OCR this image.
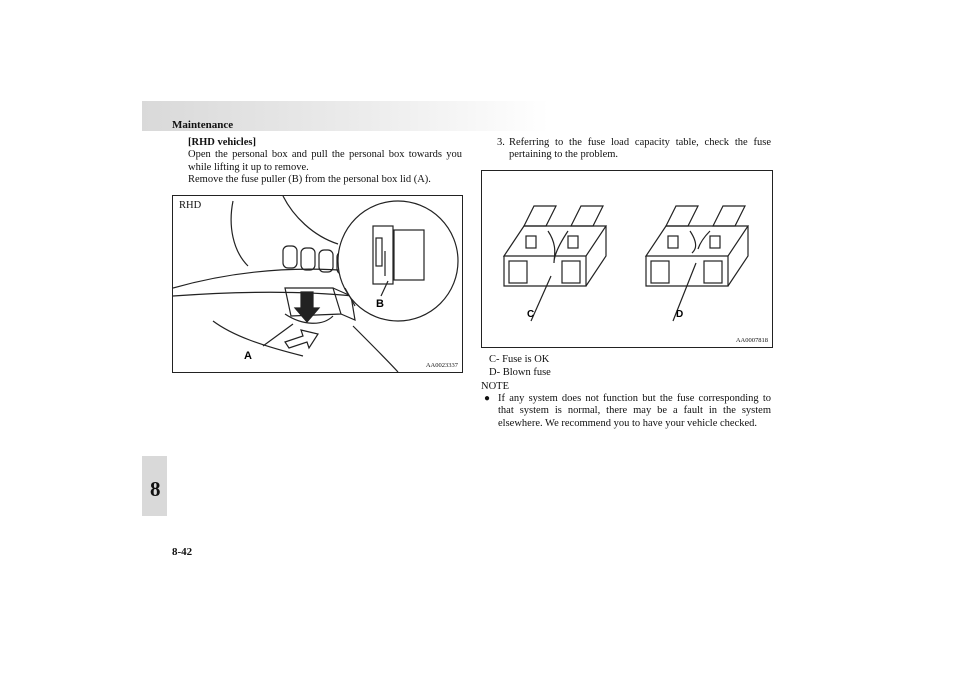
Maintenance
8
8-42

[RHD vehicles]

Open the personal box and pull the personal box towards you while lifting it up to remove.

Remove the fuse puller (B) from the personal box lid (A).

RHD
A
B
AA0023337
3. Referring to the fuse load capacity table, check the fuse pertaining to the problem.
C	D
AA0007818
C- Fuse is OK
D- Blown fuse
NOTE
● If any system does not function but the fuse corresponding to that system is normal, there may be a fault in the system elsewhere. We recommend you to have your vehicle checked.
